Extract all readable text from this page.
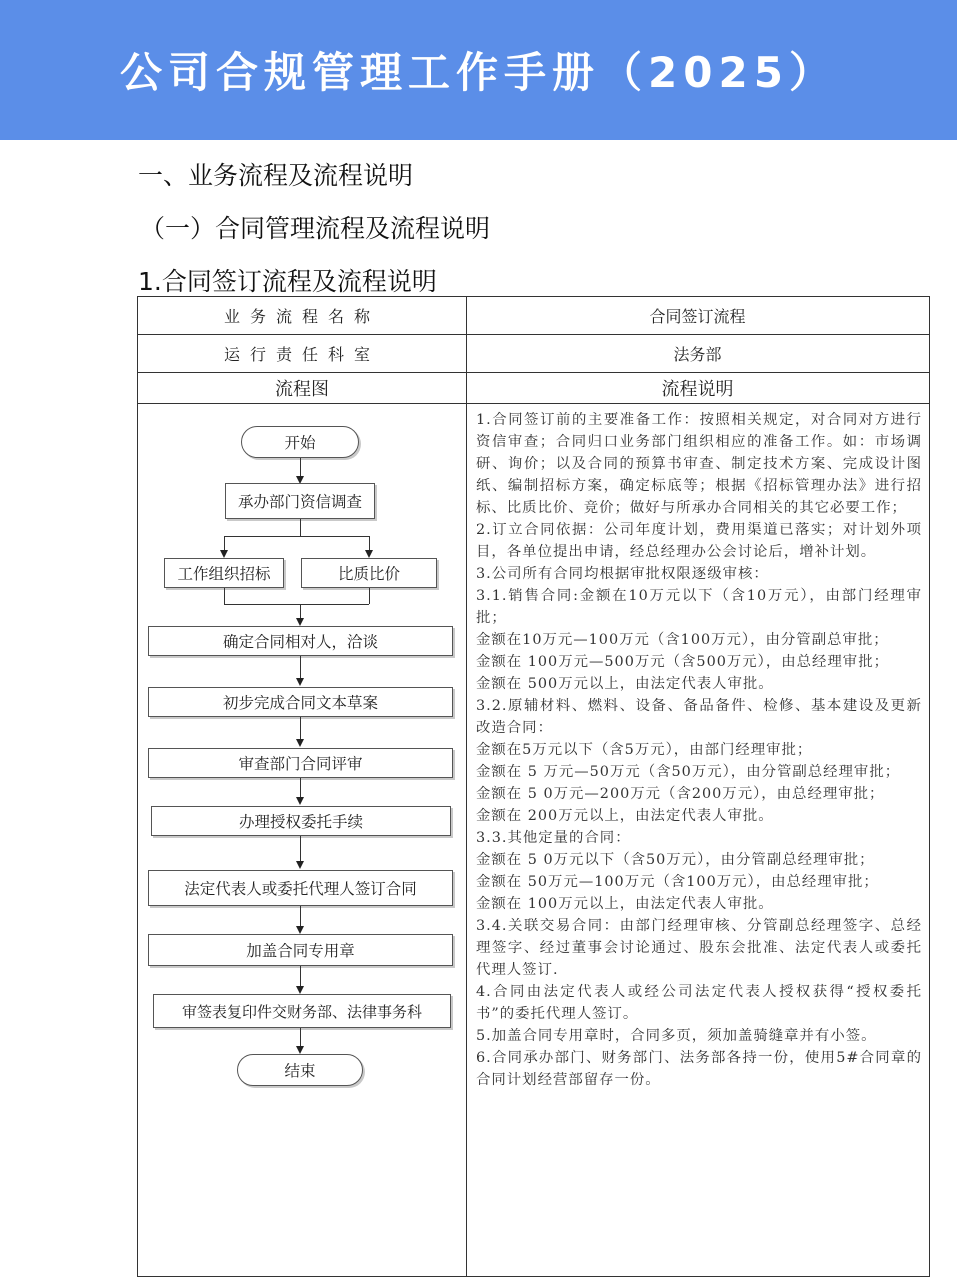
公司合规管理工作手册（2025）
一、业务流程及流程说明
（一）合同管理流程及流程说明
1.合同签订流程及流程说明
业务流程名称	合同签订流程
运行责任科室	法务部
流程图	流程说明
开始
承办部门资信调查
工作组织招标	比质比价
确定合同相对人，洽谈
初步完成合同文本草案
审查部门合同评审
办理授权委托手续
法定代表人或委托代理人签订合同
加盖合同专用章
审签表复印件交财务部、法律事务科
结束

1.合同签订前的主要准备工作：按照相关规定，对合同对方进行资信审查；合同归口业务部门组织相应的准备工作。如：市场调研、询价；以及合同的预算书审查、制定技术方案、完成设计图纸、编制招标方案，确定标底等；根据《招标管理办法》进行招标、比质比价、竞价；做好与所承办合同相关的其它必要工作；

2.订立合同依据：公司年度计划，费用渠道已落实；对计划外项目，各单位提出申请，经总经理办公会讨论后，增补计划。

3.公司所有合同均根据审批权限逐级审核：

3.1.销售合同:金额在10万元以下（含10万元），由部门经理审批；

金额在10万元—100万元（含100万元），由分管副总审批；

金额在 100万元—500万元（含500万元），由总经理审批；

金额在 500万元以上，由法定代表人审批。

3.2.原辅材料、燃料、设备、备品备件、检修、基本建设及更新改造合同：

金额在5万元以下（含5万元），由部门经理审批；

金额在 5 万元—50万元（含50万元），由分管副总经理审批；

金额在 5 0万元—200万元（含200万元），由总经理审批；

金额在 200万元以上，由法定代表人审批。

3.3.其他定量的合同：

金额在 5 0万元以下（含50万元），由分管副总经理审批；

金额在 50万元—100万元（含100万元），由总经理审批；

金额在 100万元以上，由法定代表人审批。

3.4.关联交易合同：由部门经理审核、分管副总经理签字、总经理签字、经过董事会讨论通过、股东会批准、法定代表人或委托代理人签订.

4.合同由法定代表人或经公司法定代表人授权获得“授权委托书”的委托代理人签订。

5.加盖合同专用章时，合同多页，须加盖骑缝章并有小签。

6.合同承办部门、财务部门、法务部各持一份，使用5#合同章的合同计划经营部留存一份。
